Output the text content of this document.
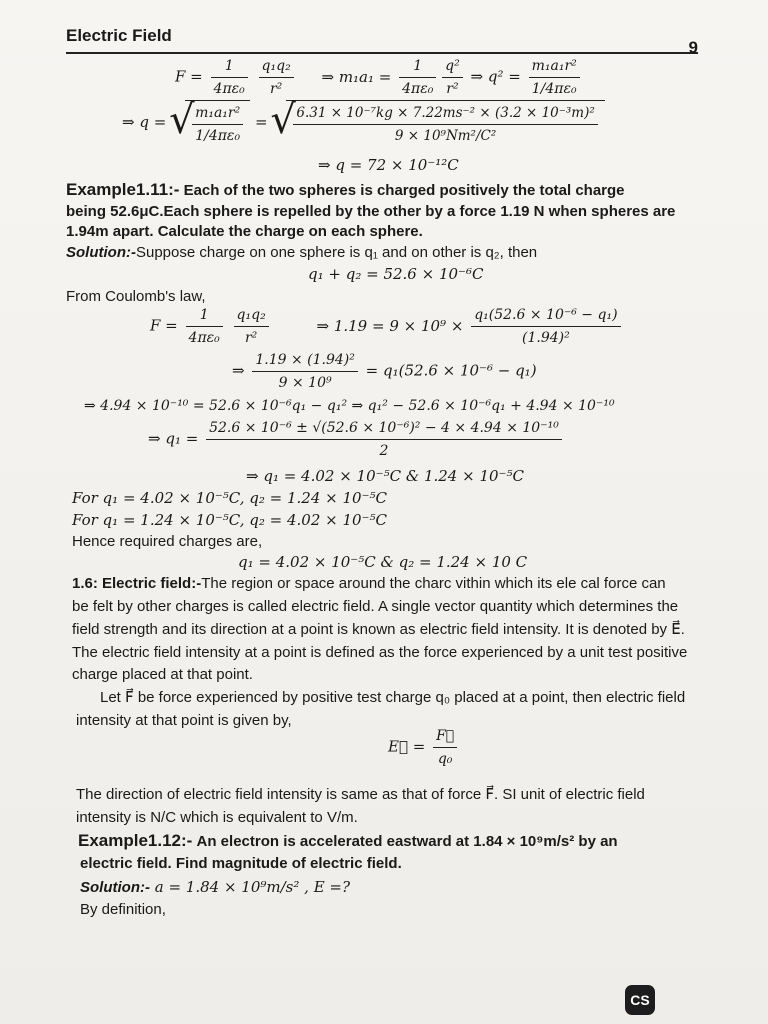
Electric Field
9
$F = \frac{1}{\text{4πε₀}}$
$\frac{\text{q₁q₂}}{\text{r²}}$ ⇒ $m_1a_1 = \frac{1}{\text{4πε₀}}$
$\frac{\text{q²}}{\text{r²}}$ ⇒ $q^2 = \frac{\text{m₁a₁r²}}{\text{1/4πε₀}}$
⇒ q = √ $\frac{\text{m₁a₁r²}}{\text{1/4πε₀}}$ = √ $\frac{\text{6.31 × 10⁻⁷kg × 7.22ms⁻² × (3.2 × 10⁻³m)²}}{\text{9 × 10⁹Nm²/C²}}$
⇒ q = 72 × 10⁻¹²C
Example1.11:- Each of the two spheres is charged positively the total charge
being 52.6μC.Each sphere is repelled by the other by a force 1.19 N when spheres are
1.94m apart. Calculate the charge on each sphere.
Solution:-Suppose charge on one sphere is q₁ and on other is q₂, then
q₁ + q₂ = 52.6 × 10⁻⁶C
From Coulomb's law,
$F = \frac{1}{\text{4πε₀}}$
$\frac{\text{q₁q₂}}{\text{r²}}$	⇒ $1.19 = 9 \times 10^9 \times \frac{\text{q₁(52.6 × 10⁻⁶ − q₁)}}{\text{(1.94)²}}$
⇒ $\frac{\text{1.19 × (1.94)²}}{\text{9 × 10⁹}} = q_1(52.6 \times 10^{-6} - q_1)$
⇒ 4.94 × 10⁻¹⁰ = 52.6 × 10⁻⁶q₁ − q₁² ⇒ q₁² − 52.6 × 10⁻⁶q₁ + 4.94 × 10⁻¹⁰
⇒ $q_1 = \frac{\text{52.6 × 10⁻⁶ ± √(52.6 × 10⁻⁶)² − 4 × 4.94 × 10⁻¹⁰}}{2}$
⇒ q₁ = 4.02 × 10⁻⁵C & 1.24 × 10⁻⁵C
For q₁ = 4.02 × 10⁻⁵C, q₂ = 1.24 × 10⁻⁵C
For q₁ = 1.24 × 10⁻⁵C, q₂ = 4.02 × 10⁻⁵C
Hence required charges are,
q₁ = 4.02 × 10⁻⁵C & q₂ = 1.24 × 10 C
1.6: Electric field:-The region or space around the charc vithin which its ele cal force can
be felt by other charges is called electric field. A single vector quantity which determines the
field strength and its direction at a point is known as electric field intensity. It is denoted by E⃗.
The electric field intensity at a point is defined as the force experienced by a unit test positive
charge placed at that point.
Let F⃗ be force experienced by positive test charge q₀ placed at a point, then electric field
intensity at that point is given by,
E⃗ = $\frac{F⃗}{\text{q₀}}$
The direction of electric field intensity is same as that of force F⃗. SI unit of electric field
intensity is N/C which is equivalent to V/m.
Example1.12:- An electron is accelerated eastward at 1.84 × 10⁹m/s² by an
electric field. Find magnitude of electric field.
Solution:- a = 1.84 × 10⁹m/s² , E =?
By definition,
CS
